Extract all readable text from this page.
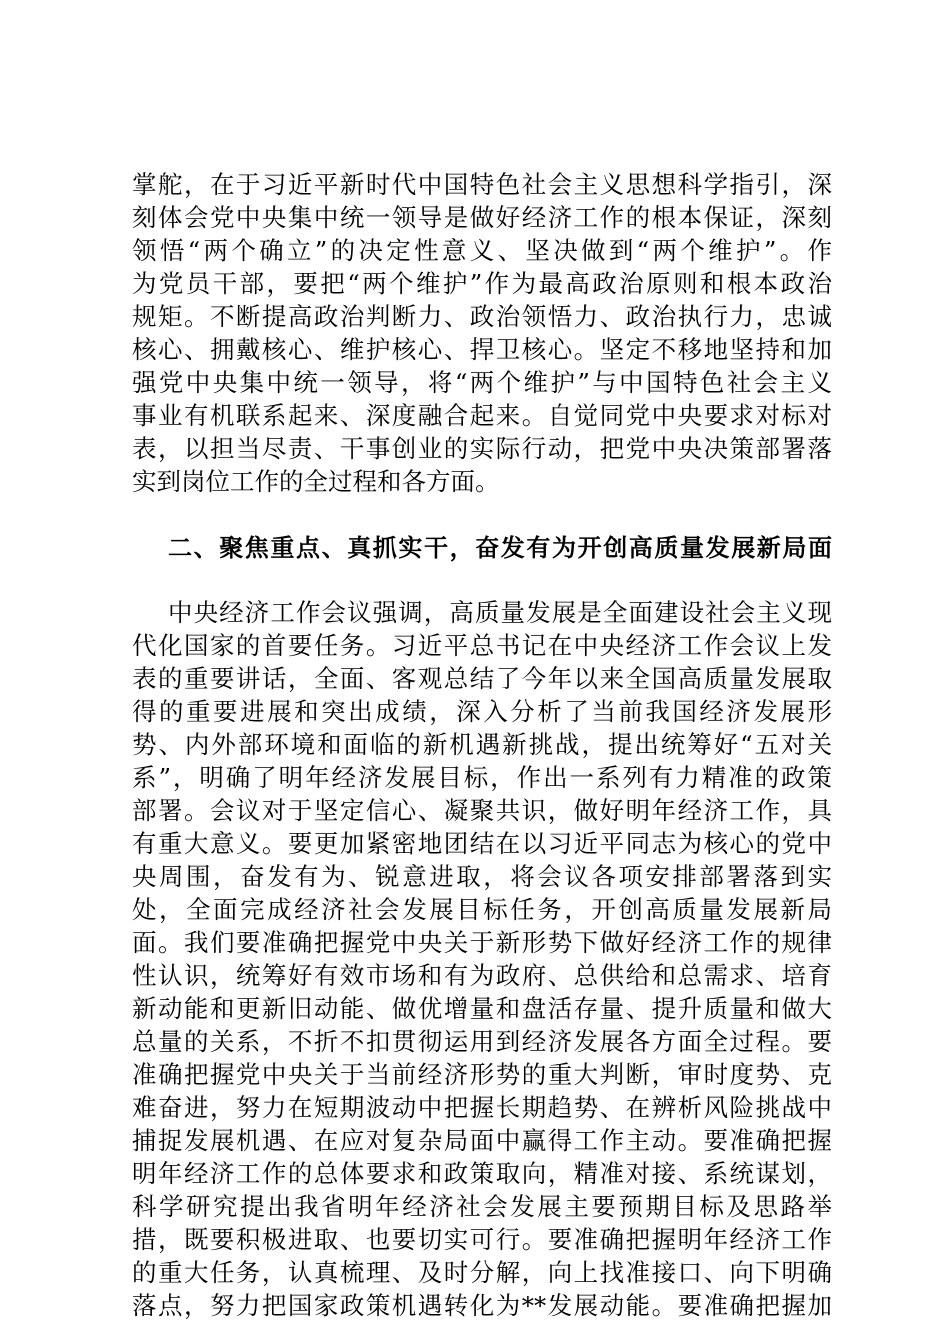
掌舵，在于习近平新时代中国特色社会主义思想科学指引，深
刻体会党中央集中统一领导是做好经济工作的根本保证，深刻
领悟“两个确立”的决定性意义、坚决做到“两个维护”。作
为党员干部，要把“两个维护”作为最高政治原则和根本政治
规矩。不断提高政治判断力、政治领悟力、政治执行力，忠诚
核心、拥戴核心、维护核心、捍卫核心。坚定不移地坚持和加
强党中央集中统一领导，将“两个维护”与中国特色社会主义
事业有机联系起来、深度融合起来。自觉同党中央要求对标对
表，以担当尽责、干事创业的实际行动，把党中央决策部署落
实到岗位工作的全过程和各方面。
二、聚焦重点、真抓实干，奋发有为开创高质量发展新局面
中央经济工作会议强调，高质量发展是全面建设社会主义现
代化国家的首要任务。习近平总书记在中央经济工作会议上发
表的重要讲话，全面、客观总结了今年以来全国高质量发展取
得的重要进展和突出成绩，深入分析了当前我国经济发展形
势、内外部环境和面临的新机遇新挑战，提出统筹好“五对关
系”，明确了明年经济发展目标，作出一系列有力精准的政策
部署。会议对于坚定信心、凝聚共识，做好明年经济工作，具
有重大意义。要更加紧密地团结在以习近平同志为核心的党中
央周围，奋发有为、锐意进取，将会议各项安排部署落到实
处，全面完成经济社会发展目标任务，开创高质量发展新局
面。我们要准确把握党中央关于新形势下做好经济工作的规律
性认识，统筹好有效市场和有为政府、总供给和总需求、培育
新动能和更新旧动能、做优增量和盘活存量、提升质量和做大
总量的关系，不折不扣贯彻运用到经济发展各方面全过程。要
准确把握党中央关于当前经济形势的重大判断，审时度势、克
难奋进，努力在短期波动中把握长期趋势、在辨析风险挑战中
捕捉发展机遇、在应对复杂局面中赢得工作主动。要准确把握
明年经济工作的总体要求和政策取向，精准对接、系统谋划，
科学研究提出我省明年经济社会发展主要预期目标及思路举
措，既要积极进取、也要切实可行。要准确把握明年经济工作
的重大任务，认真梳理、及时分解，向上找准接口、向下明确
落点，努力把国家政策机遇转化为**发展动能。要准确把握加
